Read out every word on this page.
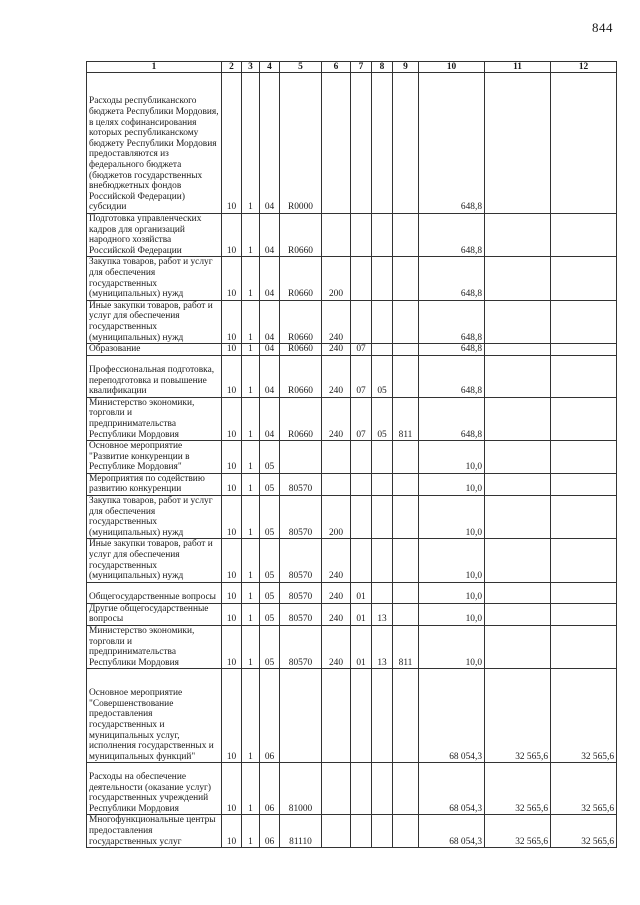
844
1	2	3	4	5	6	7	8	9	10	11	12
Расходы республиканского бюджета Республики Мордовия, в целях софинансирования которых республиканскому бюджету Республики Мордовия предоставляются из федерального бюджета (бюджетов государственных внебюджетных фондов Российской Федерации) субсидии	10	1	04	R0000					648,8		
Подготовка управленческих кадров для организаций народного хозяйства Российской Федерации	10	1	04	R0660					648,8		
Закупка товаров, работ и услуг для обеспечения государственных (муниципальных) нужд	10	1	04	R0660	200				648,8		
Иные закупки товаров, работ и услуг для обеспечения государственных (муниципальных) нужд	10	1	04	R0660	240				648,8		
Образование	10	1	04	R0660	240	07			648,8		
Профессиональная подготовка, переподготовка и повышение квалификации	10	1	04	R0660	240	07	05		648,8		
Министерство экономики, торговли и предпринимательства Республики Мордовия	10	1	04	R0660	240	07	05	811	648,8		
Основное мероприятие "Развитие конкуренции в Республике Мордовия"	10	1	05						10,0		
Мероприятия по содействию развитию конкуренции	10	1	05	80570					10,0		
Закупка товаров, работ и услуг для обеспечения государственных (муниципальных) нужд	10	1	05	80570	200				10,0		
Иные закупки товаров, работ и услуг для обеспечения государственных (муниципальных) нужд	10	1	05	80570	240				10,0		
Общегосударственные вопросы	10	1	05	80570	240	01			10,0		
Другие общегосударственные вопросы	10	1	05	80570	240	01	13		10,0		
Министерство экономики, торговли и предпринимательства Республики Мордовия	10	1	05	80570	240	01	13	811	10,0		
Основное мероприятие "Совершенствование предоставления государственных и муниципальных услуг, исполнения государственных и муниципальных функций"	10	1	06						68 054,3	32 565,6	32 565,6
Расходы на обеспечение деятельности (оказание услуг) государственных учреждений Республики Мордовия	10	1	06	81000					68 054,3	32 565,6	32 565,6
Многофункциональные центры предоставления государственных услуг	10	1	06	81110					68 054,3	32 565,6	32 565,6
